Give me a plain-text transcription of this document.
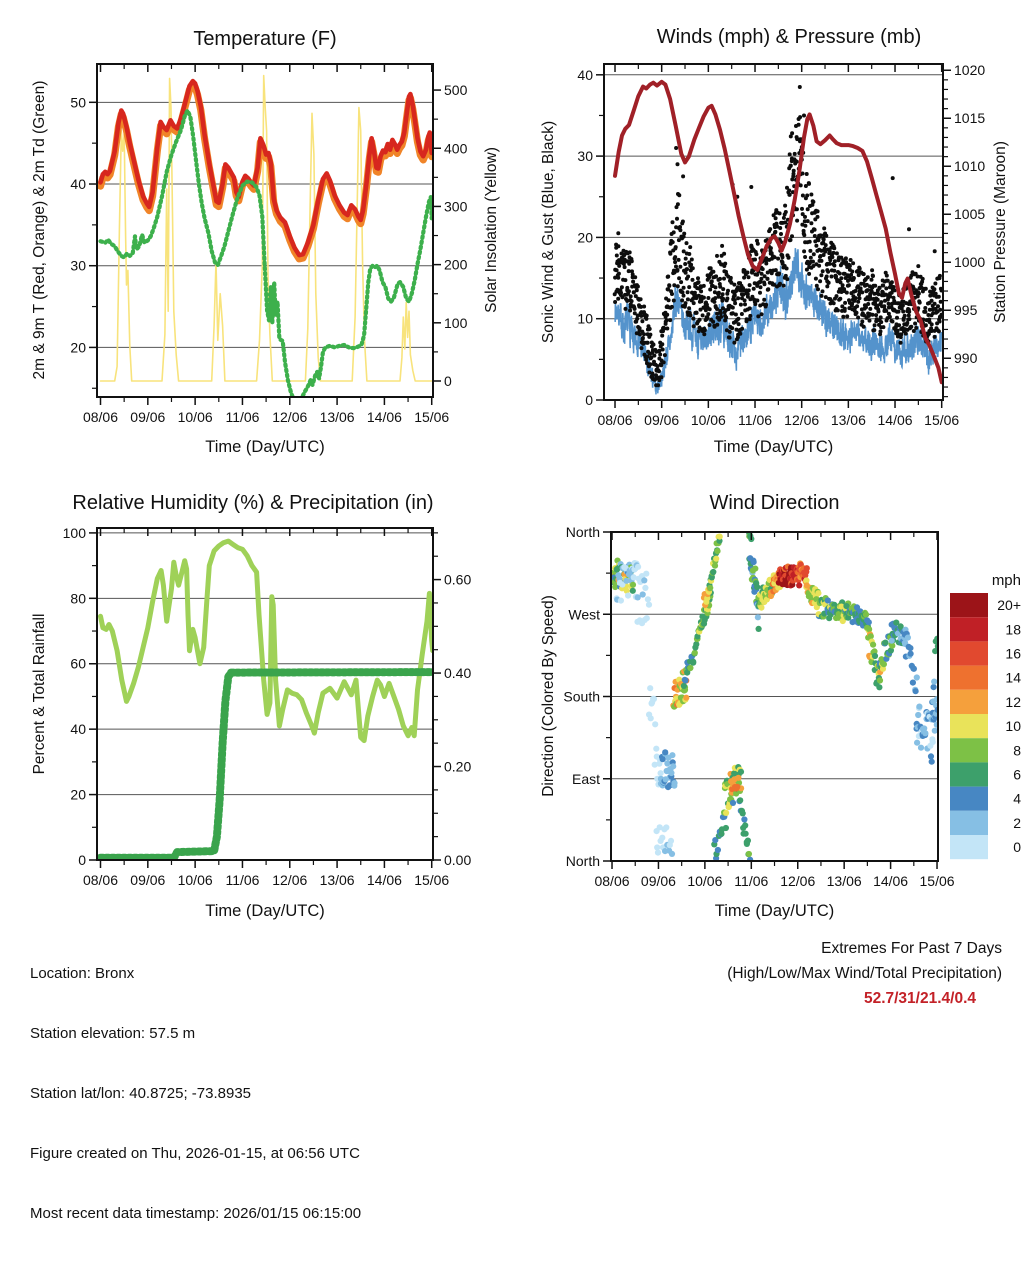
08/06 09/06 10/06 11/06 12/06 13/06 14/06 15/06
20
30
40
50
0
100
200
300
400
500
08/06 09/06 10/06 11/06 12/06 13/06 14/06 15/06
0
10
20
30
40
990
995
1000
1005
1010
1015
1020
08/06 09/06 10/06 11/06 12/06 13/06 14/06 15/06
0
20
40
60
80
100
0.00
0.20
0.40
0.60
08/06 09/06 10/06 11/06 12/06 13/06 14/06 15/06
North
West
South
East
North
mph
20+
18
16
14
12
10
8
6
4
2
0
Temperature (F)	Winds (mph) & Pressure (mb)
Relative Humidity (%) & Precipitation (in)	Wind Direction
Time (Day/UTC)	Time (Day/UTC)
Time (Day/UTC)	Time (Day/UTC)
2m & 9m T (Red, Orange) & 2m Td (Green)	Solar Insolation (Yellow)	Sonic Wind & Gust (Blue, Black)	Station Pressure (Maroon)
Percent & Total Rainfall	Direction (Colored By Speed)

Location: Bronx

Station elevation: 57.5 m

Station lat/lon: 40.8725; -73.8935

Figure created on Thu, 2026-01-15, at 06:56 UTC

Most recent data timestamp: 2026/01/15 06:15:00

Extremes For Past 7 Days
(High/Low/Max Wind/Total Precipitation)
52.7/31/21.4/0.4
